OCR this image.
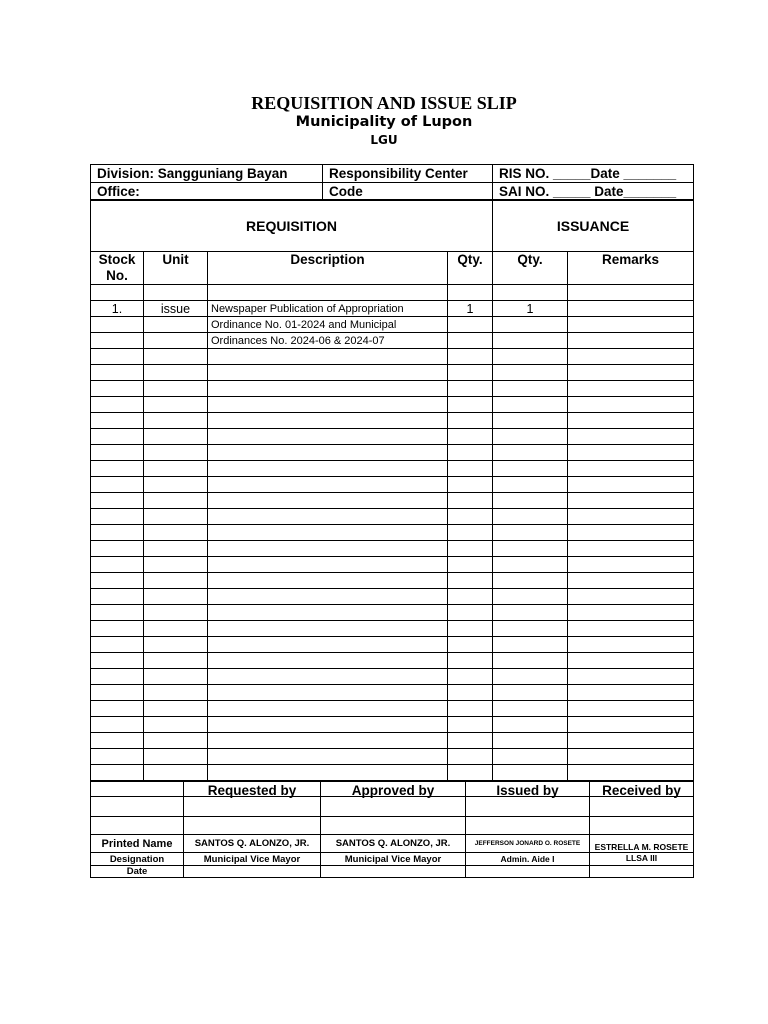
REQUISITION AND ISSUE SLIP
Municipality of Lupon
LGU
Division: Sangguniang Bayan	Responsibility Center	RIS NO. _____Date _______
Office:	Code	SAI NO. _____ Date_______
REQUISITION				ISSUANCE	
Stock
No.	Unit	Description	Qty.	Qty.	Remarks

1.	issue	Newspaper Publication of Appropriation	1	1	
		Ordinance No. 01-2024 and Municipal			
		Ordinances No. 2024-06 & 2024-07			

	Requested by	Approved by	Issued by	Received by

Printed Name	SANTOS Q. ALONZO, JR.	SANTOS Q. ALONZO, JR.	JEFFERSON JONARD O. ROSETE	ESTRELLA M. ROSETE
Designation	Municipal Vice Mayor	Municipal Vice Mayor	Admin. Aide I	LLSA III
Date				
